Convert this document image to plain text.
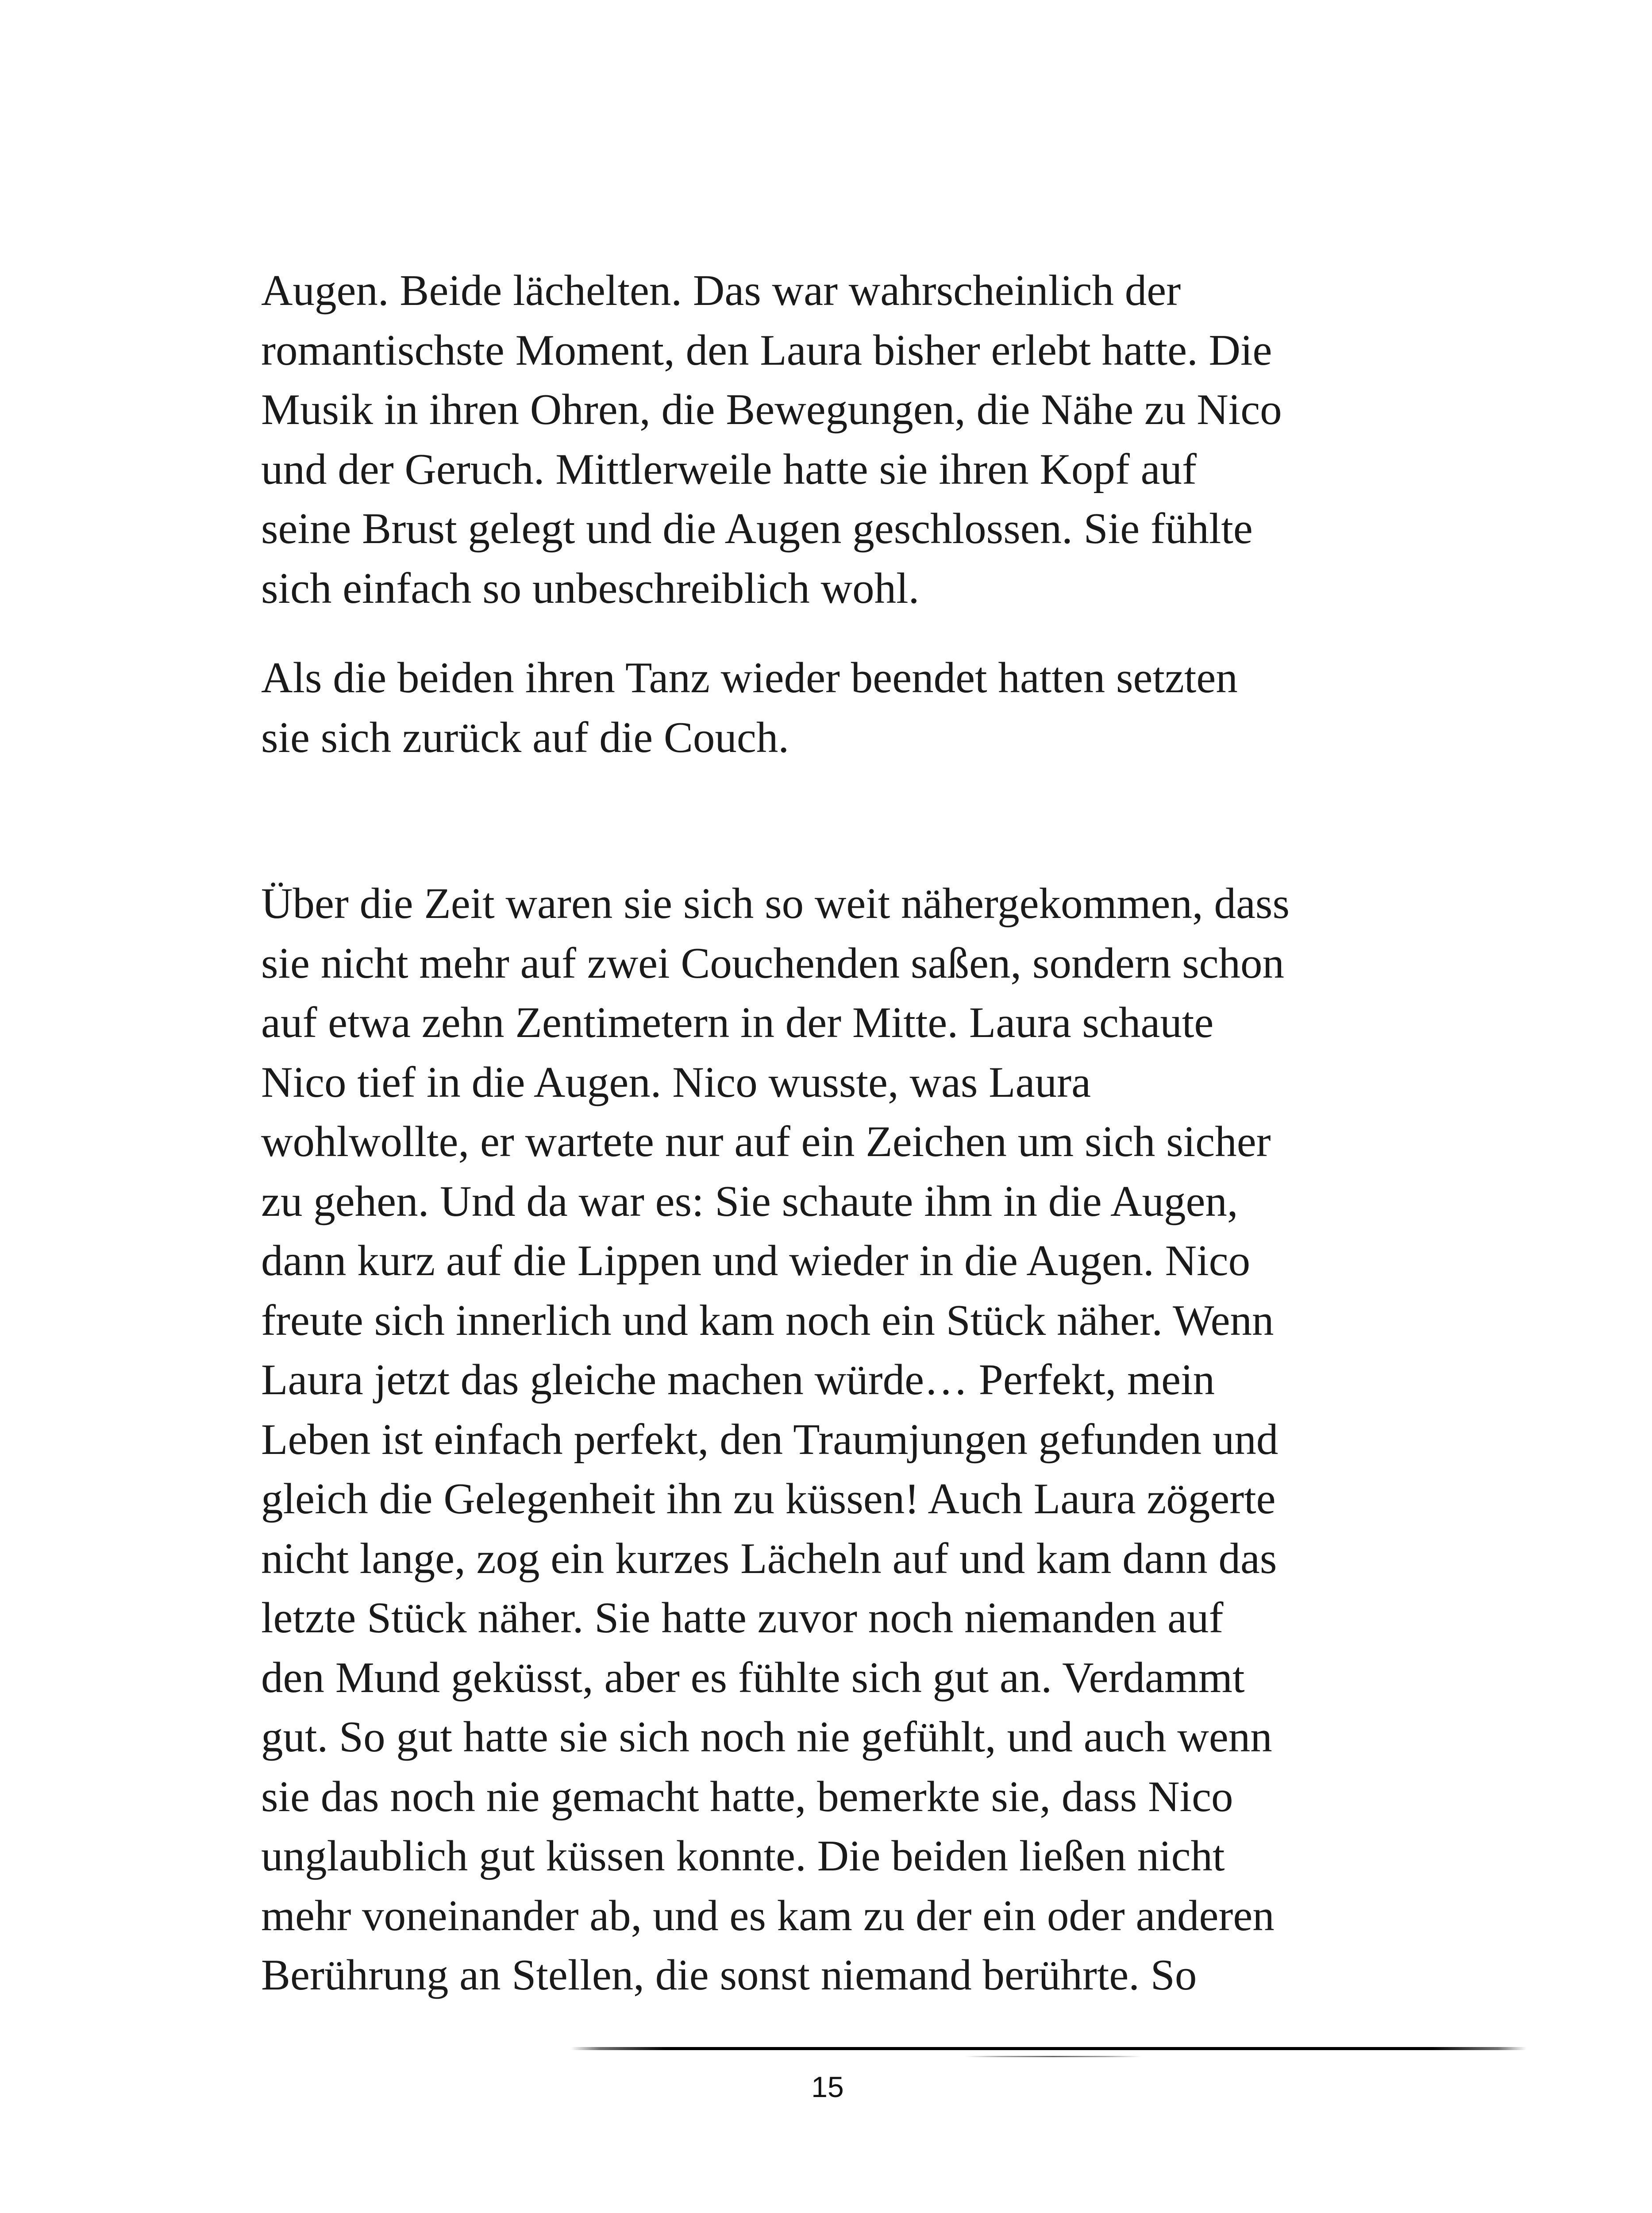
Augen. Beide lächelten. Das war wahrscheinlich der
romantischste Moment, den Laura bisher erlebt hatte. Die
Musik in ihren Ohren, die Bewegungen, die Nähe zu Nico
und der Geruch. Mittlerweile hatte sie ihren Kopf auf
seine Brust gelegt und die Augen geschlossen. Sie fühlte
sich einfach so unbeschreiblich wohl.

Als die beiden ihren Tanz wieder beendet hatten setzten
sie sich zurück auf die Couch.

Über die Zeit waren sie sich so weit nähergekommen, dass
sie nicht mehr auf zwei Couchenden saßen, sondern schon
auf etwa zehn Zentimetern in der Mitte. Laura schaute
Nico tief in die Augen. Nico wusste, was Laura
wohlwollte, er wartete nur auf ein Zeichen um sich sicher
zu gehen. Und da war es: Sie schaute ihm in die Augen,
dann kurz auf die Lippen und wieder in die Augen. Nico
freute sich innerlich und kam noch ein Stück näher. Wenn
Laura jetzt das gleiche machen würde… Perfekt, mein
Leben ist einfach perfekt, den Traumjungen gefunden und
gleich die Gelegenheit ihn zu küssen! Auch Laura zögerte
nicht lange, zog ein kurzes Lächeln auf und kam dann das
letzte Stück näher. Sie hatte zuvor noch niemanden auf
den Mund geküsst, aber es fühlte sich gut an. Verdammt
gut. So gut hatte sie sich noch nie gefühlt, und auch wenn
sie das noch nie gemacht hatte, bemerkte sie, dass Nico
unglaublich gut küssen konnte. Die beiden ließen nicht
mehr voneinander ab, und es kam zu der ein oder anderen
Berührung an Stellen, die sonst niemand berührte. So

15
